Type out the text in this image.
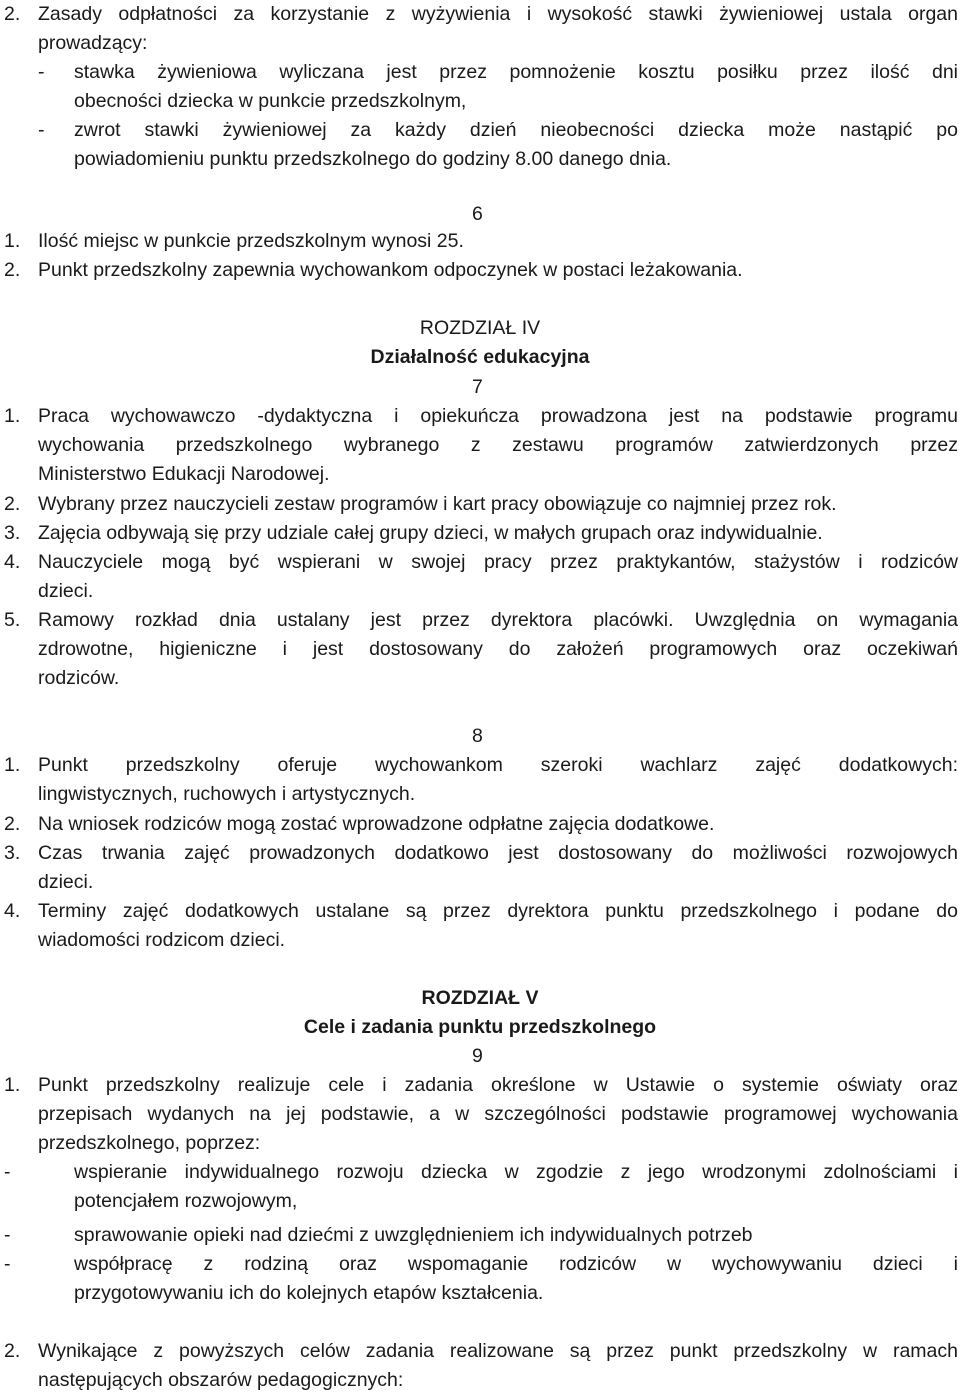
2. Zasady odpłatności za korzystanie z wyżywienia i wysokość stawki żywieniowej ustala organ
prowadzący:
- stawka żywieniowa wyliczana jest przez pomnożenie kosztu posiłku przez ilość dni
obecności dziecka w punkcie przedszkolnym,
- zwrot stawki żywieniowej za każdy dzień nieobecności dziecka może nastąpić po
powiadomieniu punktu przedszkolnego do godziny 8.00 danego dnia.
6
1. Ilość miejsc w punkcie przedszkolnym wynosi 25.
2. Punkt przedszkolny zapewnia wychowankom odpoczynek w postaci leżakowania.
ROZDZIAŁ IV
Działalność edukacyjna
7
1. Praca wychowawczo -dydaktyczna i opiekuńcza prowadzona jest na podstawie programu
wychowania przedszkolnego wybranego z zestawu programów zatwierdzonych przez
Ministerstwo Edukacji Narodowej.
2. Wybrany przez nauczycieli zestaw programów i kart pracy obowiązuje co najmniej przez rok.
3. Zajęcia odbywają się przy udziale całej grupy dzieci, w małych grupach oraz indywidualnie.
4. Nauczyciele mogą być wspierani w swojej pracy przez praktykantów, stażystów i rodziców
dzieci.
5. Ramowy rozkład dnia ustalany jest przez dyrektora placówki. Uwzględnia on wymagania
zdrowotne, higieniczne i jest dostosowany do założeń programowych oraz oczekiwań
rodziców.
8
1. Punkt przedszkolny oferuje wychowankom szeroki wachlarz zajęć dodatkowych:
lingwistycznych, ruchowych i artystycznych.
2. Na wniosek rodziców mogą zostać wprowadzone odpłatne zajęcia dodatkowe.
3. Czas trwania zajęć prowadzonych dodatkowo jest dostosowany do możliwości rozwojowych
dzieci.
4. Terminy zajęć dodatkowych ustalane są przez dyrektora punktu przedszkolnego i podane do
wiadomości rodzicom dzieci.
ROZDZIAŁ V
Cele i zadania punktu przedszkolnego
9
1. Punkt przedszkolny realizuje cele i zadania określone w Ustawie o systemie oświaty oraz
przepisach wydanych na jej podstawie, a w szczególności podstawie programowej wychowania
przedszkolnego, poprzez:
-	wspieranie indywidualnego rozwoju dziecka w zgodzie z jego wrodzonymi zdolnościami i
potencjałem rozwojowym,
-	sprawowanie opieki nad dziećmi z uwzględnieniem ich indywidualnych potrzeb
-	współpracę z rodziną oraz wspomaganie rodziców w wychowywaniu dzieci i
przygotowywaniu ich do kolejnych etapów kształcenia.
2. Wynikające z powyższych celów zadania realizowane są przez punkt przedszkolny w ramach
następujących obszarów pedagogicznych:
